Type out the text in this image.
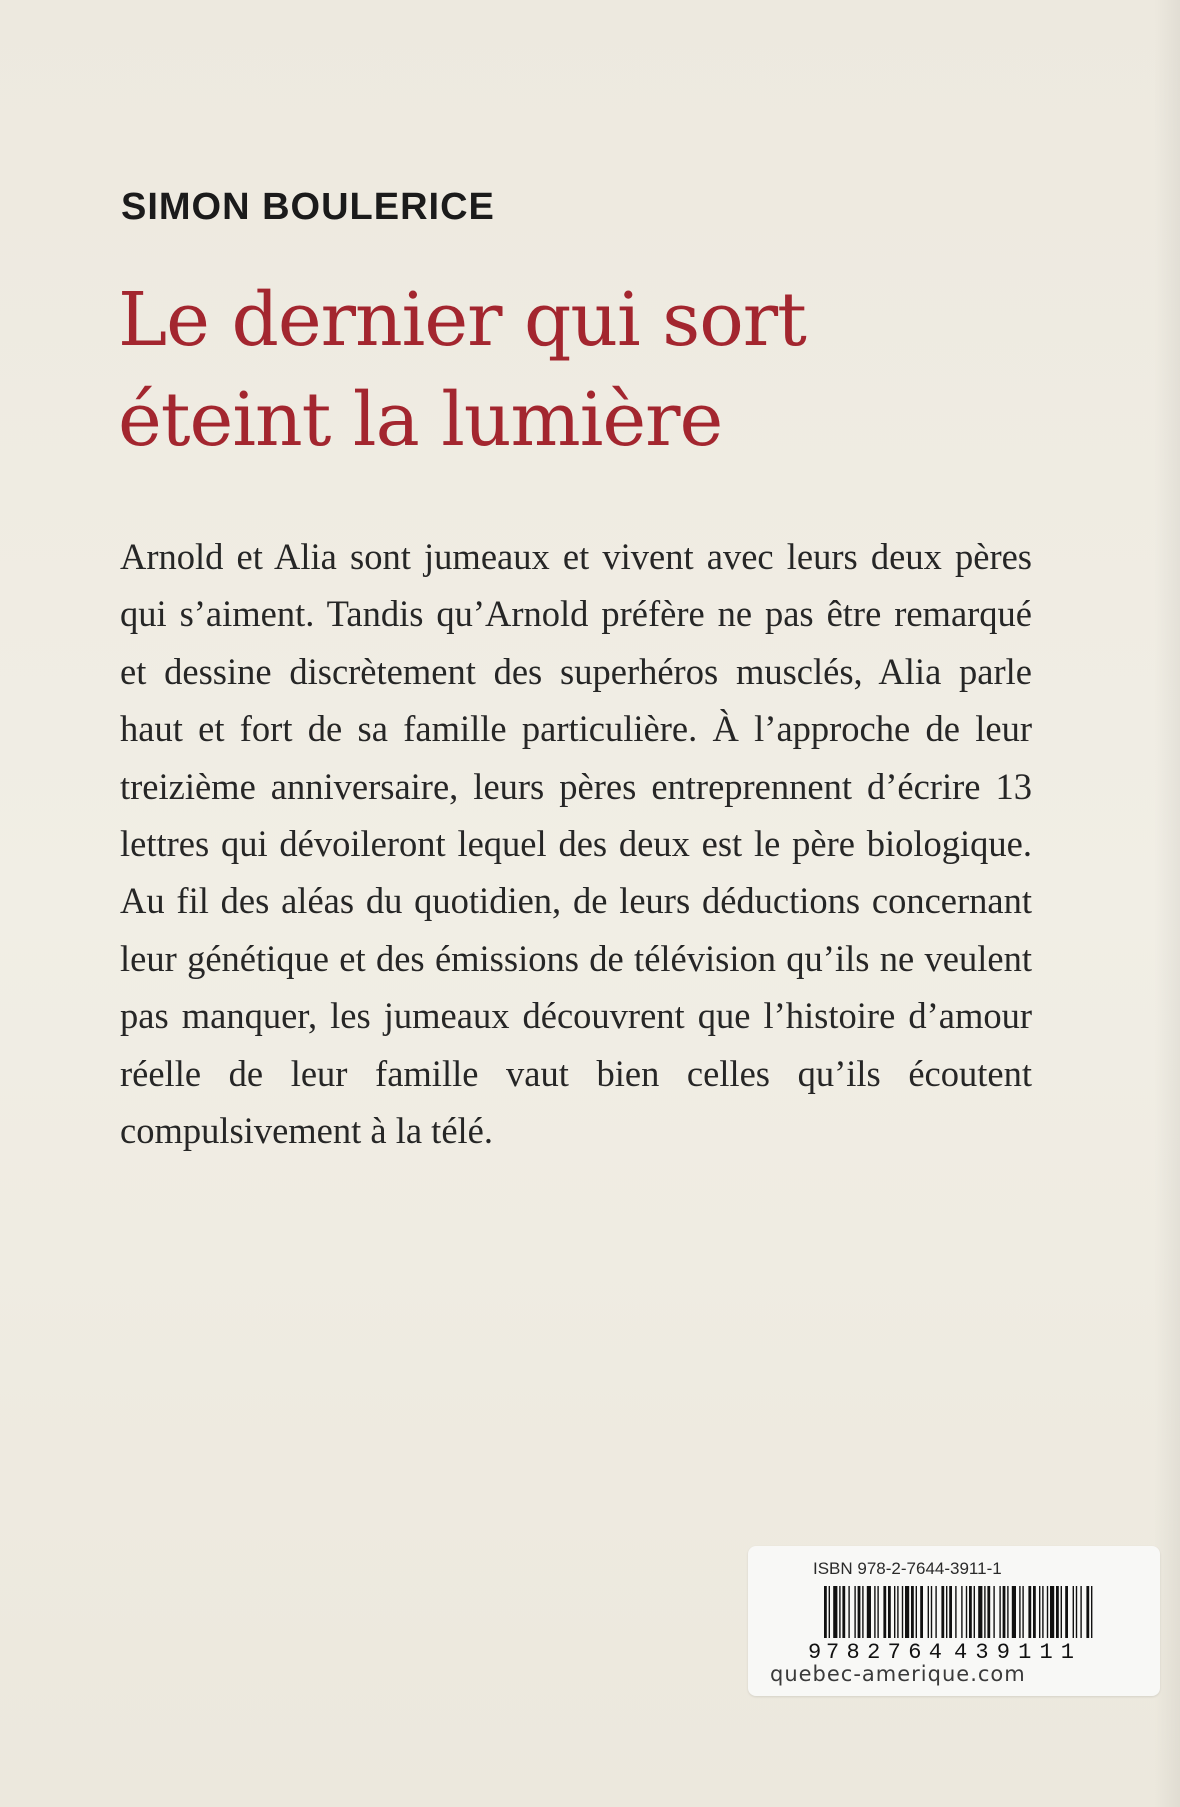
SIMON BOULERICE

Le dernier qui sort
éteint la lumière

Arnold et Alia sont jumeaux et vivent avec leurs deux pères qui s’aiment. Tandis qu’Arnold préfère ne pas être remarqué et dessine discrètement des superhéros musclés, Alia parle haut et fort de sa famille particulière. À l’approche de leur treizième anniversaire, leurs pères entreprennent d’écrire 13 lettres qui dévoileront lequel des deux est le père biologique. Au fil des aléas du quotidien, de leurs déductions concernant leur génétique et des émissions de télévision qu’ils ne veulent pas manquer, les jumeaux découvrent que l’histoire d’amour réelle de leur famille vaut bien celles qu’ils écoutent compulsivement à la télé.

ISBN 978-2-7644-3911-1

9 782764 439111

quebec-amerique.com
